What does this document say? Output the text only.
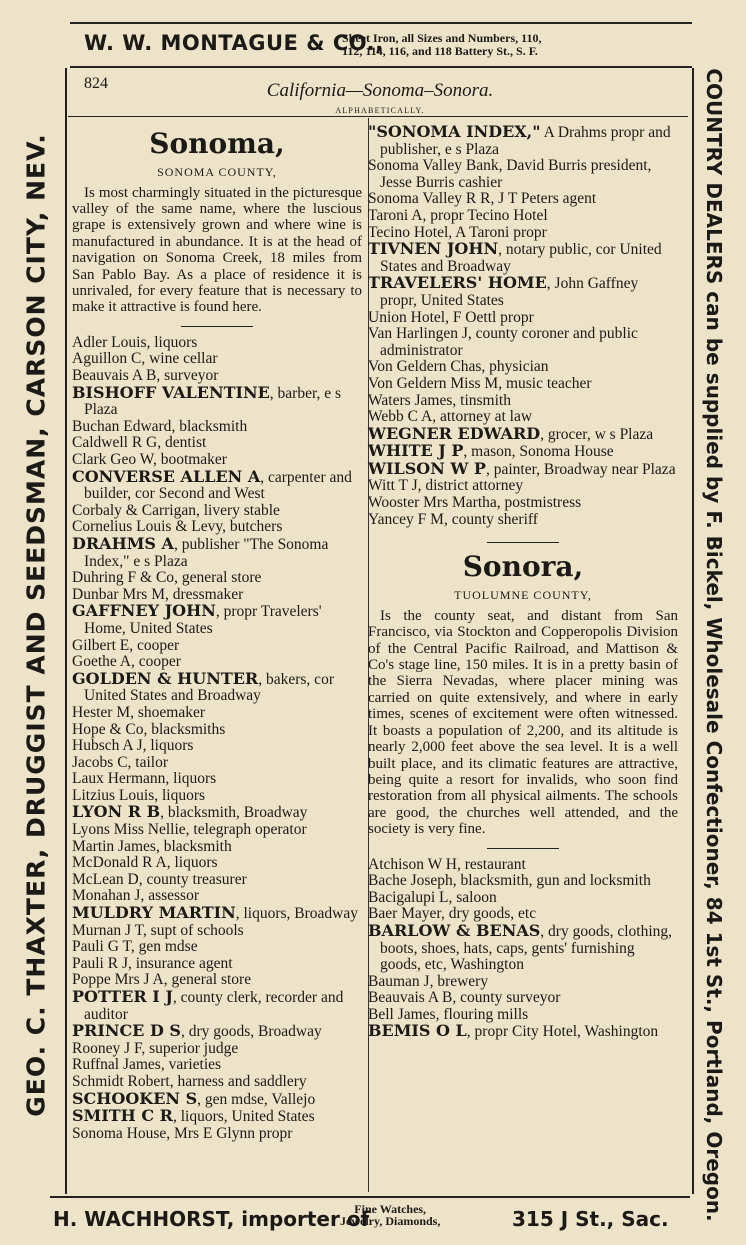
W. W. MONTAGUE & CO.,
Sheet Iron, all Sizes and Numbers, 110,
112, 114, 116, and 118 Battery St., S. F.
GEO. C. THAXTER, DRUGGIST AND SEEDSMAN, CARSON CITY, NEV.	COUNTRY DEALERS can be supplied by F. Bickel, Wholesale Confectioner, 84 1st St., Portland, Oregon.
824	California—Sonoma–Sonora.
ALPHABETICALLY.
Sonoma,
SONOMA COUNTY,
Is most charmingly situated in the picturesque valley of the same name, where the luscious grape is extensively grown and where wine is manufactured in abundance. It is at the head of navigation on Sonoma Creek, 18 miles from San Pablo Bay. As a place of residence it is unrivaled, for every feature that is necessary to make it attractive is found here.
Adler Louis, liquors
Aguillon C, wine cellar
Beauvais A B, surveyor
BISHOFF VALENTINE, barber, e s Plaza
Buchan Edward, blacksmith
Caldwell R G, dentist
Clark Geo W, bootmaker
CONVERSE ALLEN A, carpenter and builder, cor Second and West
Corbaly & Carrigan, livery stable
Cornelius Louis & Levy, butchers
DRAHMS A, publisher "The Sonoma Index," e s Plaza
Duhring F & Co, general store
Dunbar Mrs M, dressmaker
GAFFNEY JOHN, propr Travelers' Home, United States
Gilbert E, cooper
Goethe A, cooper
GOLDEN & HUNTER, bakers, cor United States and Broadway
Hester M, shoemaker
Hope & Co, blacksmiths
Hubsch A J, liquors
Jacobs C, tailor
Laux Hermann, liquors
Litzius Louis, liquors
LYON R B, blacksmith, Broadway
Lyons Miss Nellie, telegraph operator
Martin James, blacksmith
McDonald R A, liquors
McLean D, county treasurer
Monahan J, assessor
MULDRY MARTIN, liquors, Broadway
Murnan J T, supt of schools
Pauli G T, gen mdse
Pauli R J, insurance agent
Poppe Mrs J A, general store
POTTER I J, county clerk, recorder and auditor
PRINCE D S, dry goods, Broadway
Rooney J F, superior judge
Ruffnal James, varieties
Schmidt Robert, harness and saddlery
SCHOOKEN S, gen mdse, Vallejo
SMITH C R, liquors, United States
Sonoma House, Mrs E Glynn propr
"SONOMA INDEX," A Drahms propr and publisher, e s Plaza
Sonoma Valley Bank, David Burris president, Jesse Burris cashier
Sonoma Valley R R, J T Peters agent
Taroni A, propr Tecino Hotel
Tecino Hotel, A Taroni propr
TIVNEN JOHN, notary public, cor United States and Broadway
TRAVELERS' HOME, John Gaffney propr, United States
Union Hotel, F Oettl propr
Van Harlingen J, county coroner and public administrator
Von Geldern Chas, physician
Von Geldern Miss M, music teacher
Waters James, tinsmith
Webb C A, attorney at law
WEGNER EDWARD, grocer, w s Plaza
WHITE J P, mason, Sonoma House
WILSON W P, painter, Broadway near Plaza
Witt T J, district attorney
Wooster Mrs Martha, postmistress
Yancey F M, county sheriff
Sonora,
TUOLUMNE COUNTY,
Is the county seat, and distant from San Francisco, via Stockton and Copperopolis Division of the Central Pacific Railroad, and Mattison & Co's stage line, 150 miles. It is in a pretty basin of the Sierra Nevadas, where placer mining was carried on quite extensively, and where in early times, scenes of excitement were often witnessed. It boasts a population of 2,200, and its altitude is nearly 2,000 feet above the sea level. It is a well built place, and its climatic features are attractive, being quite a resort for invalids, who soon find restoration from all physical ailments. The schools are good, the churches well attended, and the society is very fine.
Atchison W H, restaurant
Bache Joseph, blacksmith, gun and locksmith
Bacigalupi L, saloon
Baer Mayer, dry goods, etc
BARLOW & BENAS, dry goods, clothing, boots, shoes, hats, caps, gents' furnishing goods, etc, Washington
Bauman J, brewery
Beauvais A B, county surveyor
Bell James, flouring mills
BEMIS O L, propr City Hotel, Washington
H. WACHHORST, importer of
Fine Watches,
Jewelry, Diamonds,	315 J St., Sac.
